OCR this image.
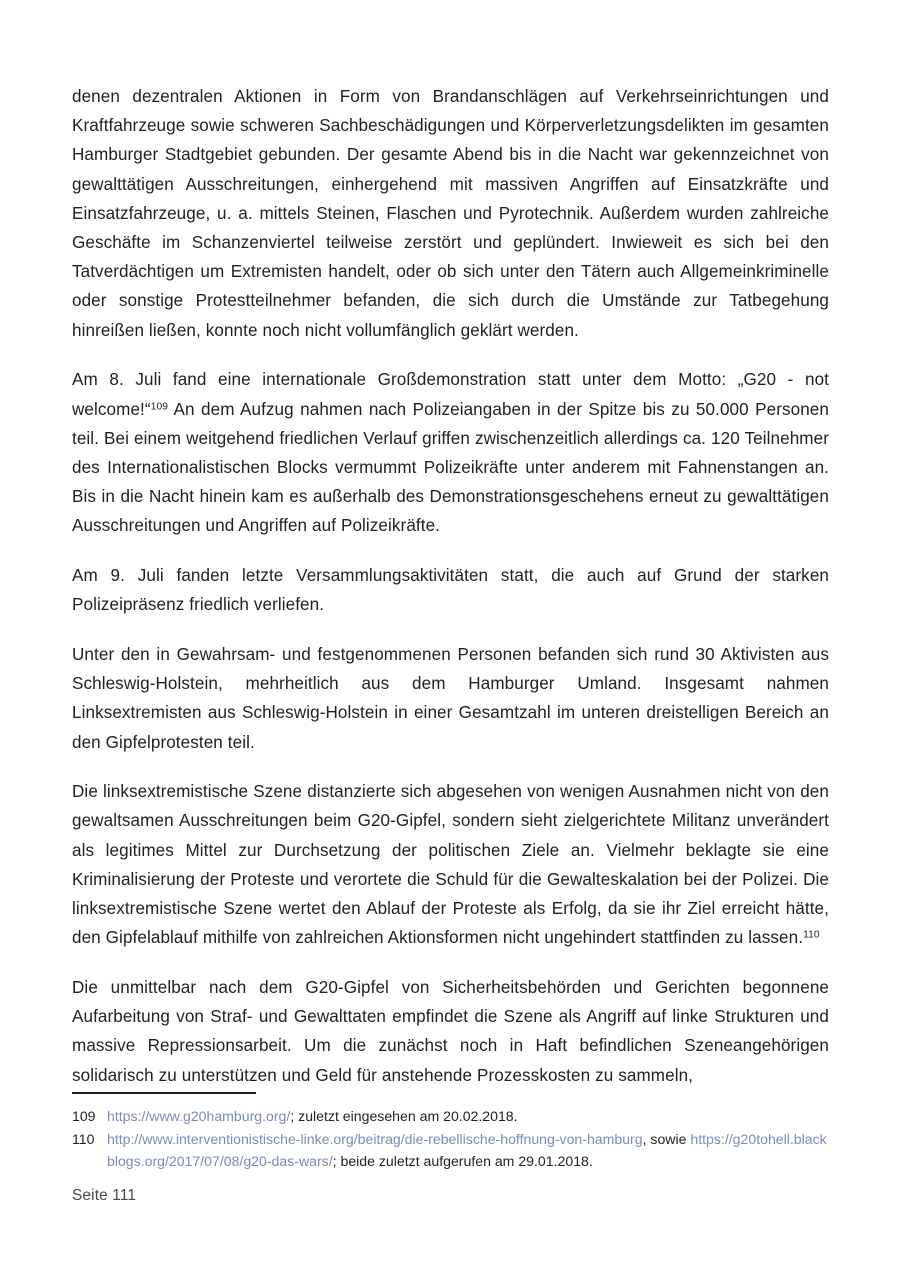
denen dezentralen Aktionen in Form von Brandanschlägen auf Verkehrseinrichtungen und Kraftfahrzeuge sowie schweren Sachbeschädigungen und Körperverletzungsdelikten im gesamten Hamburger Stadtgebiet gebunden. Der gesamte Abend bis in die Nacht war gekennzeichnet von gewalttätigen Ausschreitungen, einhergehend mit massiven Angriffen auf Einsatzkräfte und Einsatzfahrzeuge, u. a. mittels Steinen, Flaschen und Pyrotechnik. Außerdem wurden zahlreiche Geschäfte im Schanzenviertel teilweise zerstört und geplündert. Inwieweit es sich bei den Tatverdächtigen um Extremisten handelt, oder ob sich unter den Tätern auch Allgemeinkriminelle oder sonstige Protestteilnehmer befanden, die sich durch die Umstände zur Tatbegehung hinreißen ließen, konnte noch nicht vollumfänglich geklärt werden.

Am 8. Juli fand eine internationale Großdemonstration statt unter dem Motto: „G20 - not welcome!“$^{109}$ An dem Aufzug nahmen nach Polizeiangaben in der Spitze bis zu 50.000 Personen teil. Bei einem weitgehend friedlichen Verlauf griffen zwischenzeitlich allerdings ca. 120 Teilnehmer des Internationalistischen Blocks vermummt Polizeikräfte unter anderem mit Fahnenstangen an. Bis in die Nacht hinein kam es außerhalb des Demonstrationsgeschehens erneut zu gewalttätigen Ausschreitungen und Angriffen auf Polizeikräfte.

Am 9. Juli fanden letzte Versammlungsaktivitäten statt, die auch auf Grund der starken Polizeipräsenz friedlich verliefen.

Unter den in Gewahrsam- und festgenommenen Personen befanden sich rund 30 Aktivisten aus Schleswig-Holstein, mehrheitlich aus dem Hamburger Umland. Insgesamt nahmen Linksextremisten aus Schleswig-Holstein in einer Gesamtzahl im unteren dreistelligen Bereich an den Gipfelprotesten teil.

Die linksextremistische Szene distanzierte sich abgesehen von wenigen Ausnahmen nicht von den gewaltsamen Ausschreitungen beim G20-Gipfel, sondern sieht zielgerichtete Militanz unverändert als legitimes Mittel zur Durchsetzung der politischen Ziele an. Vielmehr beklagte sie eine Kriminalisierung der Proteste und verortete die Schuld für die Gewalteskalation bei der Polizei. Die linksextremistische Szene wertet den Ablauf der Proteste als Erfolg, da sie ihr Ziel erreicht hätte, den Gipfelablauf mithilfe von zahlreichen Aktionsformen nicht ungehindert stattfinden zu lassen.$^{110}$

Die unmittelbar nach dem G20-Gipfel von Sicherheitsbehörden und Gerichten begonnene Aufarbeitung von Straf- und Gewalttaten empfindet die Szene als Angriff auf linke Strukturen und massive Repressionsarbeit. Um die zunächst noch in Haft befindlichen Szeneangehörigen solidarisch zu unterstützen und Geld für anstehende Prozesskosten zu sammeln,

109 https://www.g20hamburg.org/; zuletzt eingesehen am 20.02.2018.
110 http://www.interventionistische-linke.org/beitrag/die-rebellische-hoffnung-von-hamburg, sowie https://g20tohell.blackblogs.org/2017/07/08/g20-das-wars/; beide zuletzt aufgerufen am 29.01.2018.
Seite 111
